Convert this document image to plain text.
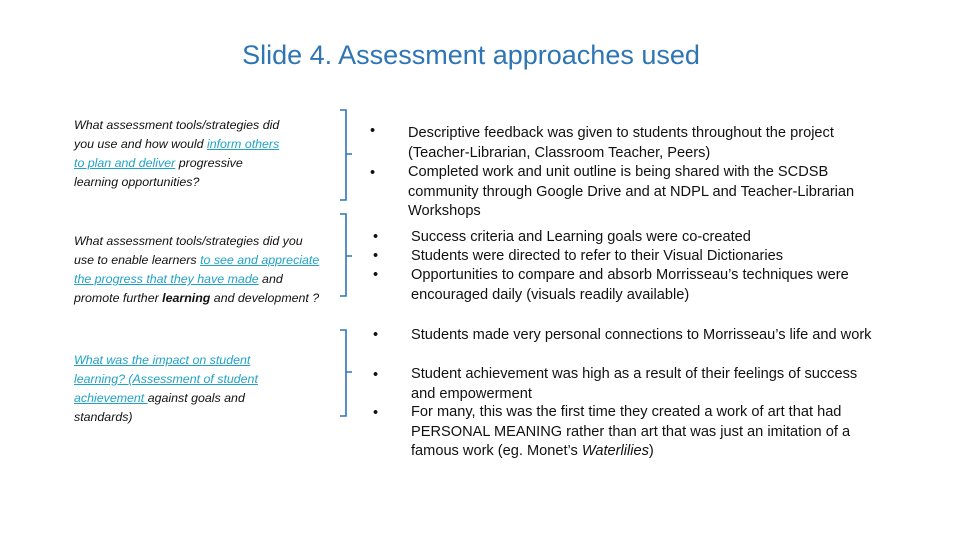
Slide 4. Assessment approaches used
What assessment tools/strategies did you use and how would inform others to plan and deliver progressive learning opportunities?
What assessment tools/strategies did you use to enable learners to see and appreciate the progress that they have made and promote further learning and development ?
What was the impact on student learning? (Assessment of student achievement against goals and standards)
• Descriptive feedback was given to students throughout the project (Teacher-Librarian, Classroom Teacher, Peers)
• Completed work and unit outline is being shared with the SCDSB community through Google Drive and at NDPL and Teacher-Librarian Workshops
• Success criteria and Learning goals were co-created
• Students were directed to refer to their Visual Dictionaries
• Opportunities to compare and absorb Morrisseau’s techniques were encouraged daily (visuals readily available)
• Students made very personal connections to Morrisseau’s life and work
• Student achievement was high as a result of their feelings of success and empowerment
• For many, this was the first time they created a work of art that had PERSONAL MEANING rather than art that was just an imitation of a famous work (eg. Monet’s Waterlilies)
